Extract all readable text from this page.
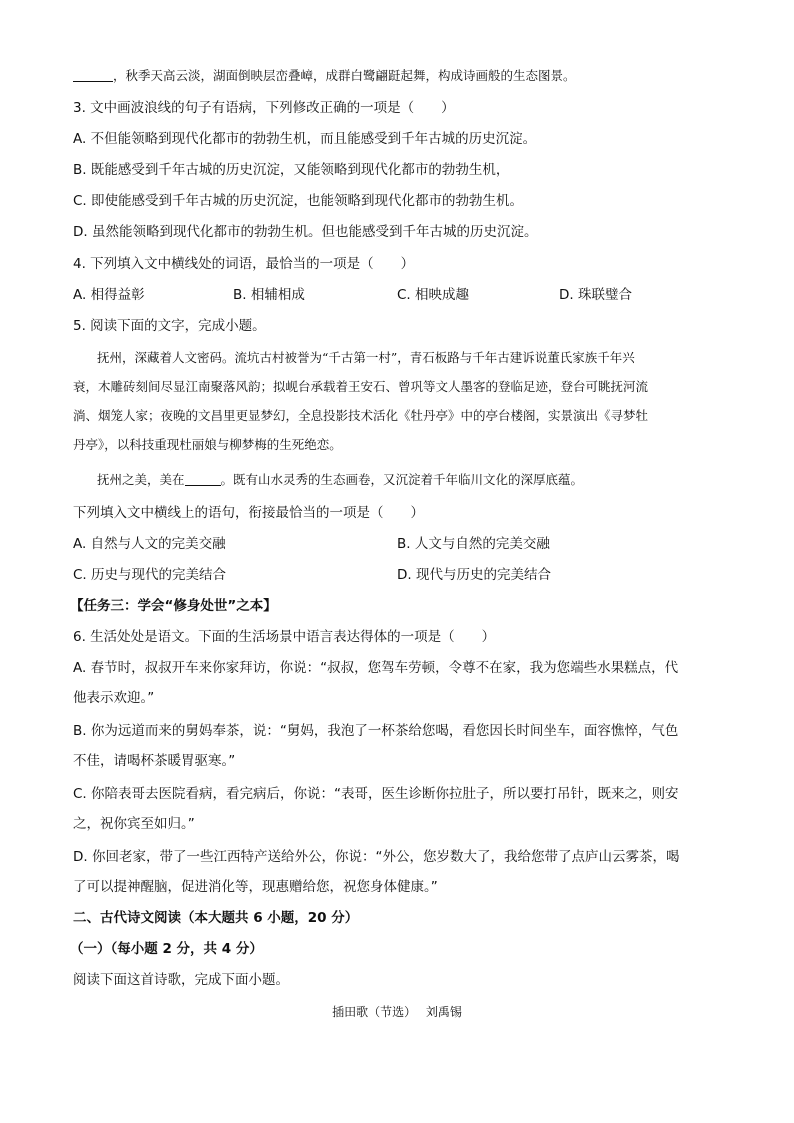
，秋季天高云淡，湖面倒映层峦叠嶂，成群白鹭翩跹起舞，构成诗画般的生态图景。
3. 文中画波浪线的句子有语病，下列修改正确的一项是（　　）
A. 不但能领略到现代化都市的勃勃生机，而且能感受到千年古城的历史沉淀。
B. 既能感受到千年古城的历史沉淀，又能领略到现代化都市的勃勃生机，
C. 即使能感受到千年古城的历史沉淀，也能领略到现代化都市的勃勃生机。
D. 虽然能领略到现代化都市的勃勃生机。但也能感受到千年古城的历史沉淀。
4. 下列填入文中横线处的词语，最恰当的一项是（　　）
A. 相得益彰	B. 相辅相成	C. 相映成趣	D. 珠联璧合
5. 阅读下面的文字，完成小题。
抚州，深藏着人文密码。流坑古村被誉为“千古第一村”，青石板路与千年古建诉说董氏家族千年兴
衰，木雕砖刻间尽显江南聚落风韵；拟岘台承载着王安石、曾巩等文人墨客的登临足迹，登台可眺抚河流
淌、烟笼人家；夜晚的文昌里更显梦幻，全息投影技术活化《牡丹亭》中的亭台楼阁，实景演出《寻梦牡
丹亭》，以科技重现杜丽娘与柳梦梅的生死绝恋。
抚州之美，美在	。既有山水灵秀的生态画卷，又沉淀着千年临川文化的深厚底蕴。
下列填入文中横线上的语句，衔接最恰当的一项是（　　）
A. 自然与人文的完美交融	B. 人文与自然的完美交融
C. 历史与现代的完美结合	D. 现代与历史的完美结合
【任务三：学会“修身处世”之本】
6. 生活处处是语文。下面的生活场景中语言表达得体的一项是（　　）
A. 春节时，叔叔开车来你家拜访，你说：“叔叔，您驾车劳顿，令尊不在家，我为您端些水果糕点，代
他表示欢迎。”
B. 你为远道而来的舅妈奉茶，说：“舅妈，我泡了一杯茶给您喝，看您因长时间坐车，面容憔悴，气色
不佳，请喝杯茶暖胃驱寒。”
C. 你陪表哥去医院看病，看完病后，你说：“表哥，医生诊断你拉肚子，所以要打吊针，既来之，则安
之，祝你宾至如归。”
D. 你回老家，带了一些江西特产送给外公，你说：“外公，您岁数大了，我给您带了点庐山云雾茶，喝
了可以提神醒脑，促进消化等，现惠赠给您，祝您身体健康。”
二、古代诗文阅读（本大题共 6 小题，20 分）
（一）（每小题 2 分，共 4 分）
阅读下面这首诗歌，完成下面小题。
插田歌（节选）　 刘禹锡
